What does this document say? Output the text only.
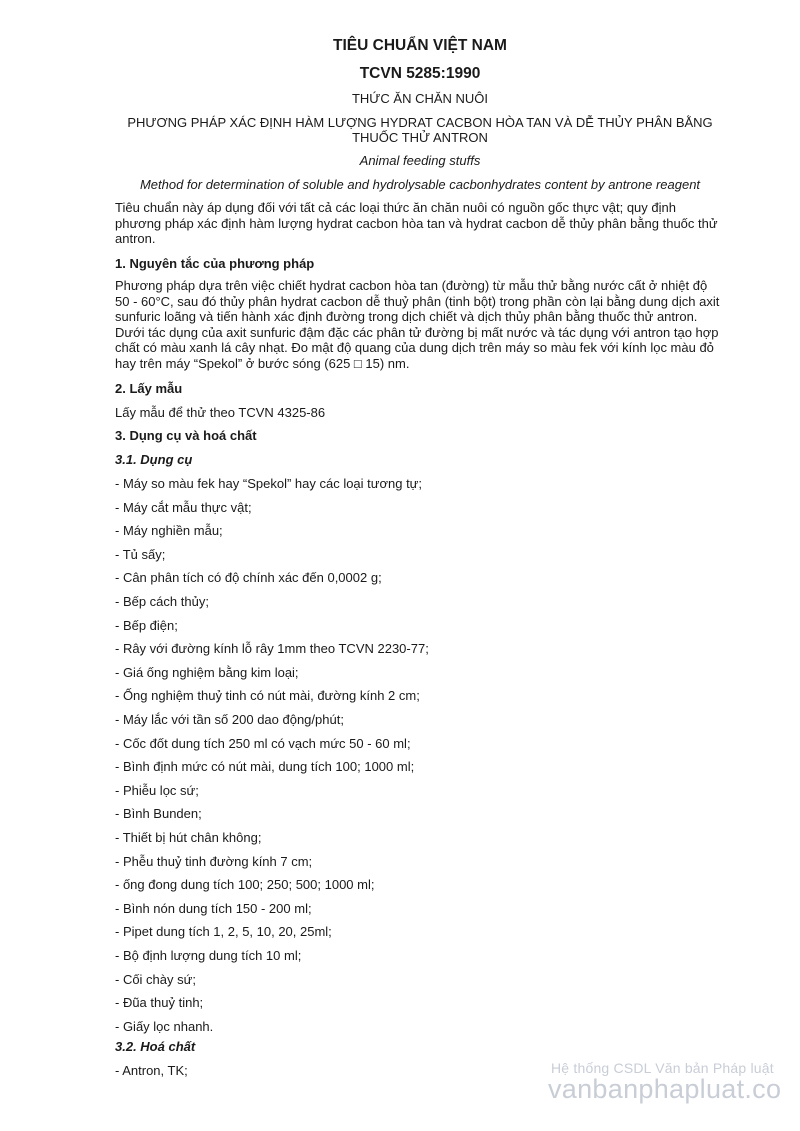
TIÊU CHUẨN VIỆT NAM
TCVN 5285:1990
THỨC ĂN CHĂN NUÔI
PHƯƠNG PHÁP XÁC ĐỊNH HÀM LƯỢNG HYDRAT CACBON HÒA TAN VÀ DỄ THỦY PHÂN BẰNG THUỐC THỬ ANTRON
Animal feeding stuffs
Method for determination of soluble and hydrolysable cacbonhydrates content by antrone reagent
Tiêu chuẩn này áp dụng đối với tất cả các loại thức ăn chăn nuôi có nguồn gốc thực vật; quy định phương pháp xác định hàm lượng hydrat cacbon hòa tan và hydrat cacbon dễ thủy phân bằng thuốc thử antron.
1. Nguyên tắc của phương pháp
Phương pháp dựa trên việc chiết hydrat cacbon hòa tan (đường) từ mẫu thử bằng nước cất ở nhiệt độ 50 - 60°C, sau đó thủy phân hydrat cacbon dễ thuỷ phân (tinh bột) trong phần còn lại bằng dung dịch axit sunfuric loãng và tiến hành xác định đường trong dịch chiết và dịch thủy phân bằng thuốc thử antron. Dưới tác dụng của axit sunfuric đậm đặc các phân tử đường bị mất nước và tác dụng với antron tạo hợp chất có màu xanh lá cây nhạt. Đo mật độ quang của dung dịch trên máy so màu fek với kính lọc màu đỏ hay trên máy “Spekol” ở bước sóng (625 □ 15) nm.
2. Lấy mẫu
Lấy mẫu để thử theo TCVN 4325-86
3. Dụng cụ và hoá chất
3.1. Dụng cụ
- Máy so màu fek hay “Spekol” hay các loại tương tự;
- Máy cắt mẫu thực vật;
- Máy nghiền mẫu;
- Tủ sấy;
- Cân phân tích có độ chính xác đến 0,0002 g;
- Bếp cách thủy;
- Bếp điện;
- Rây với đường kính lỗ rây 1mm theo TCVN 2230-77;
- Giá ống nghiệm bằng kim loại;
- Ống nghiệm thuỷ tinh có nút mài, đường kính 2 cm;
- Máy lắc với tần số 200 dao động/phút;
- Cốc đốt dung tích 250 ml có vạch mức 50 - 60 ml;
- Bình định mức có nút mài, dung tích 100; 1000 ml;
- Phiễu lọc sứ;
- Bình Bunden;
- Thiết bị hút chân không;
- Phễu thuỷ tinh đường kính 7 cm;
- ống đong dung tích 100; 250; 500; 1000 ml;
- Bình nón dung tích 150 - 200 ml;
- Pipet dung tích 1, 2, 5, 10, 20, 25ml;
- Bộ định lượng dung tích 10 ml;
- Cối chày sứ;
- Đũa thuỷ tinh;
- Giấy lọc nhanh.
3.2. Hoá chất
- Antron, TK;	Hệ thống CSDL Văn bản Pháp luật
vanbanphapluat.co
